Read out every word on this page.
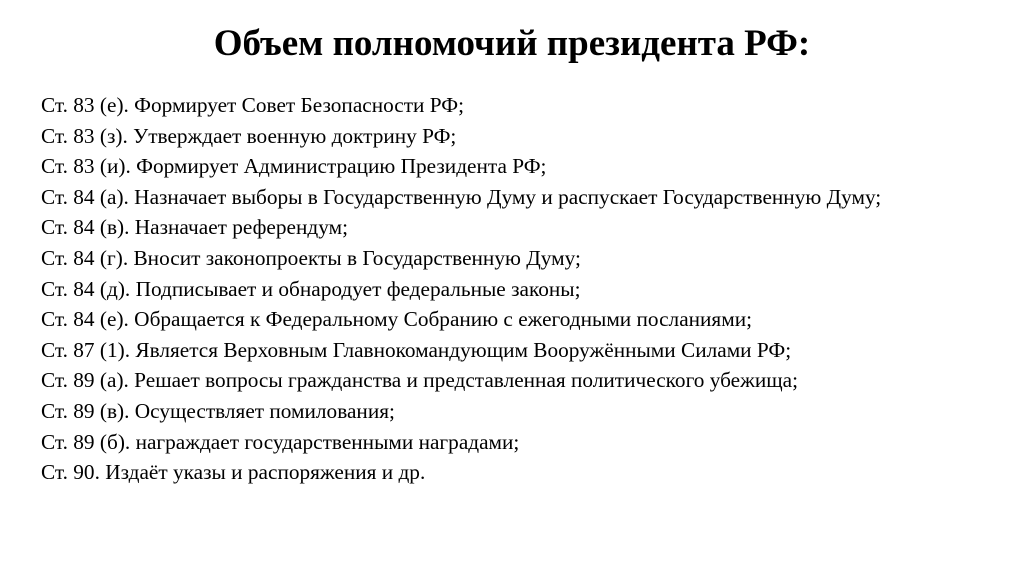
Объем полномочий президента РФ:
Ст. 83 (е). Формирует Совет Безопасности РФ;
Ст. 83 (з). Утверждает военную доктрину РФ;
Ст. 83 (и). Формирует Администрацию Президента РФ;
Ст. 84 (а). Назначает выборы в Государственную Думу и распускает Государственную Думу;
Ст. 84 (в). Назначает референдум;
Ст. 84 (г). Вносит законопроекты в Государственную Думу;
Ст. 84 (д). Подписывает и обнародует федеральные законы;
Ст. 84 (е). Обращается к Федеральному Собранию с ежегодными посланиями;
Ст. 87 (1). Является Верховным Главнокомандующим Вооружёнными Силами РФ;
Ст. 89 (а). Решает вопросы гражданства и представленная политического убежища;
Ст. 89 (в). Осуществляет помилования;
Ст. 89 (б). награждает государственными наградами;
Ст. 90. Издаёт указы и распоряжения и др.
